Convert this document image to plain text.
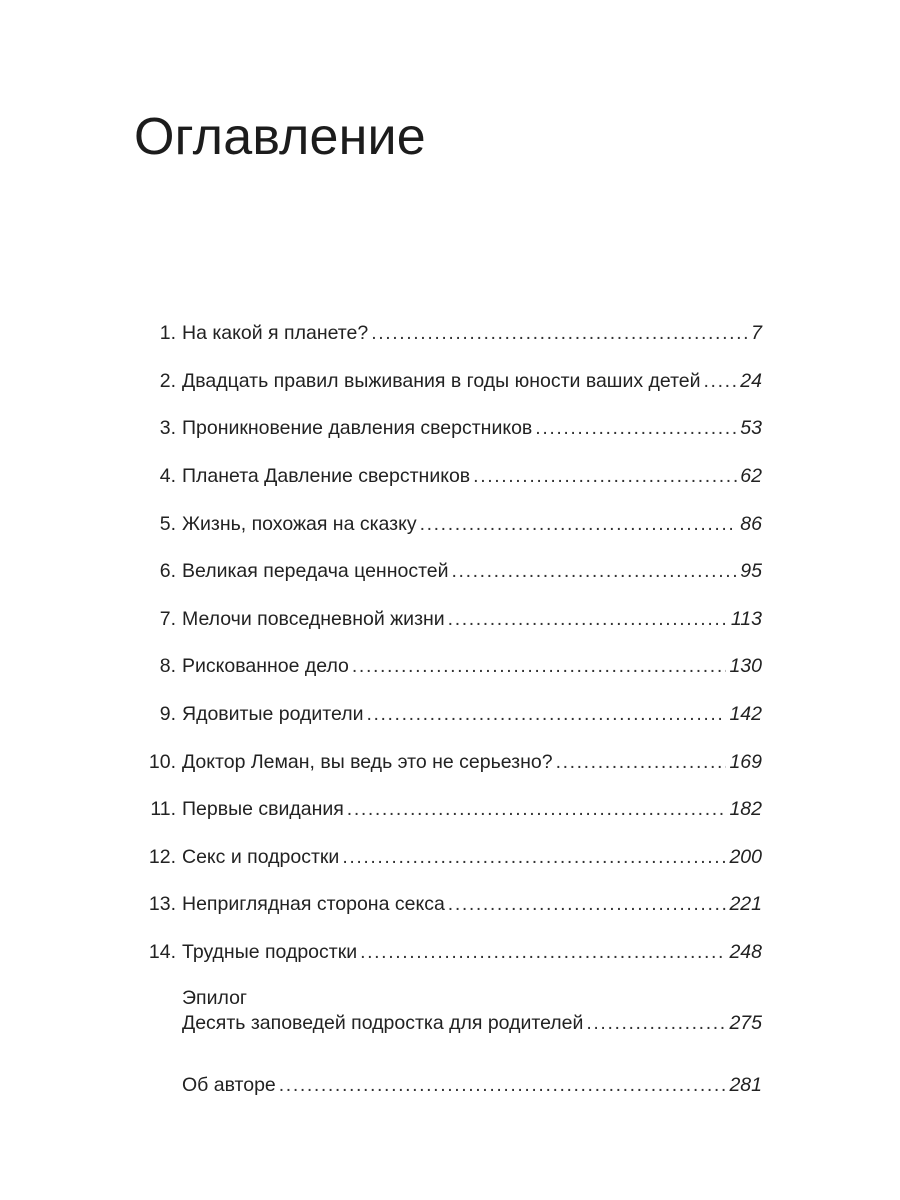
Оглавление
1. На какой я планете? .....	7
2. Двадцать правил выживания в годы юности ваших детей ..... 24
3. Проникновение давления сверстников .....	53
4. Планета Давление сверстников .....	62
5. Жизнь, похожая на сказку .....	86
6. Великая передача ценностей .....	95
7. Мелочи повседневной жизни .....	113
8. Рискованное дело .....	130
9. Ядовитые родители .....	142
10. Доктор Леман, вы ведь это не серьезно? .....	169
11. Первые свидания .....	182
12. Секс и подростки .....	200
13. Неприглядная сторона секса .....	221
14. Трудные подростки .....	248
Эпилог
Десять заповедей подростка для родителей .....	275
Об авторе .....	281
